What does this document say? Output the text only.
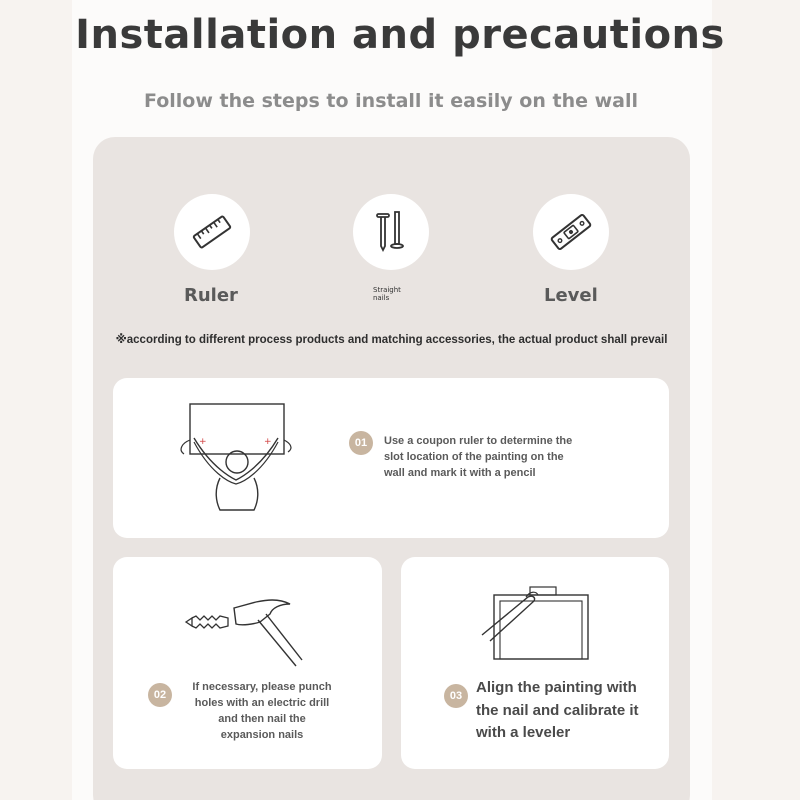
Installation and precautions
Follow the steps to install it easily on the wall
Ruler	Straight
nails	Level
※according to different process products and matching accessories, the actual product shall prevail
+	+	01	Use a coupon ruler to determine the
slot location of the painting on the
wall and mark it with a pencil
02
If necessary, please punch
holes with an electric drill
and then nail the
expansion nails
03 Align the painting with
the nail and calibrate it
with a leveler
